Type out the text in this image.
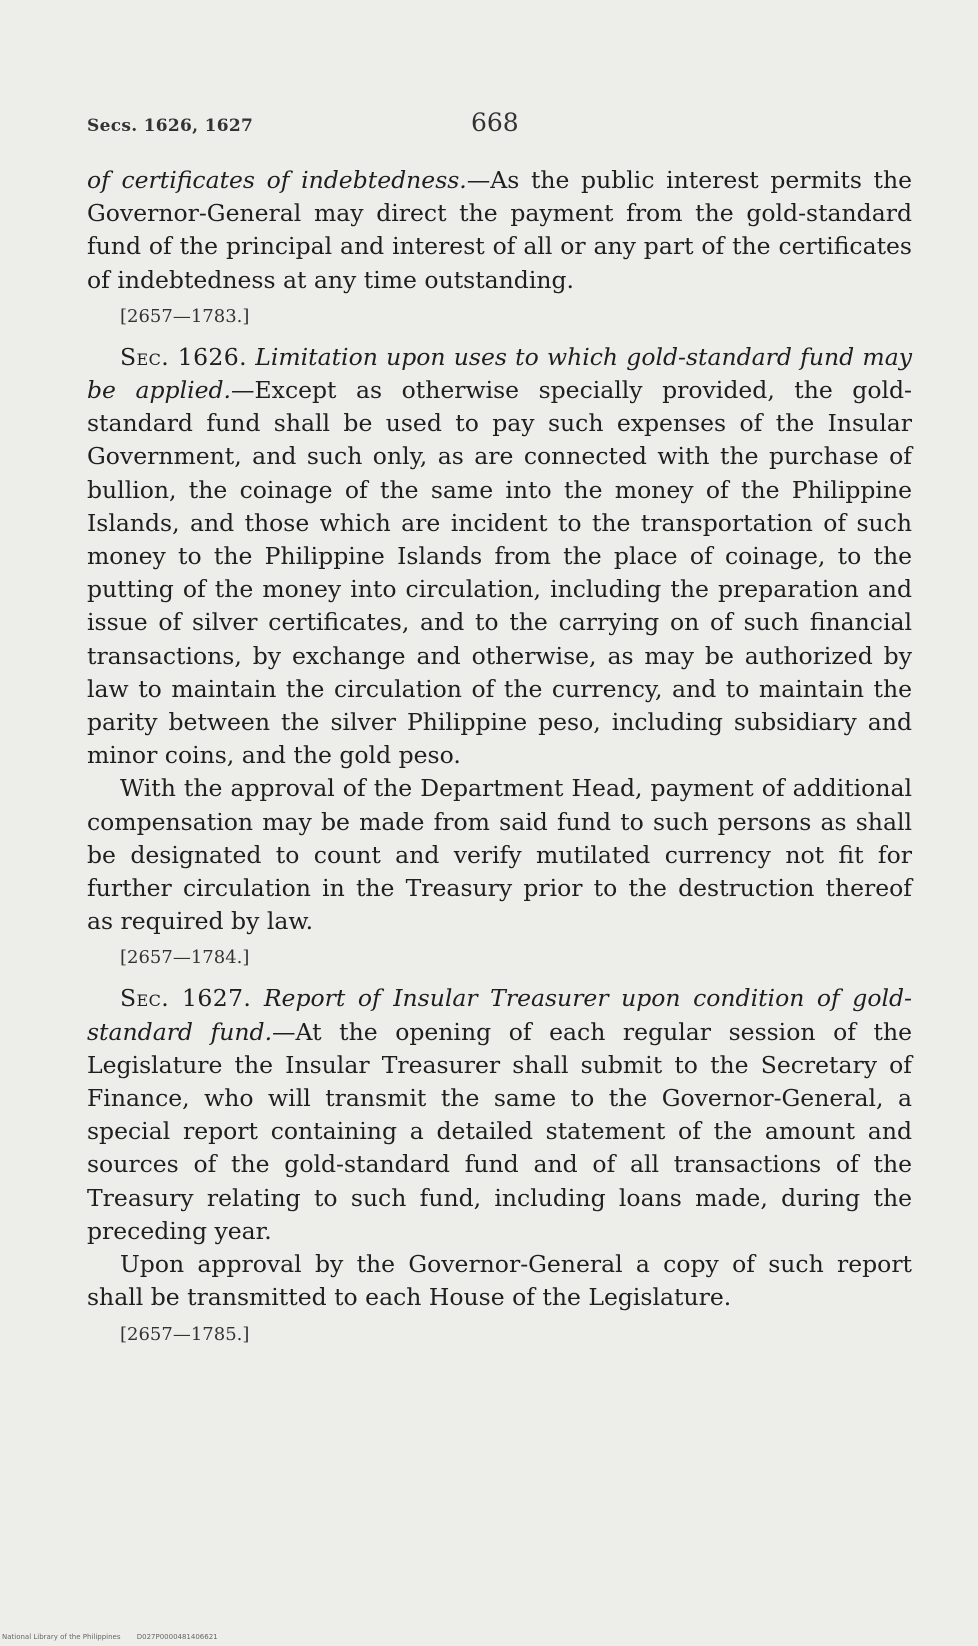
Secs. 1626, 1627	668

of certificates of indebtedness.—As the public interest permits the Governor-General may direct the payment from the gold-standard fund of the principal and interest of all or any part of the certificates of indebtedness at any time outstanding.

[2657—1783.]

Sec. 1626. Limitation upon uses to which gold-standard fund may be applied.—Except as otherwise specially provided, the gold-standard fund shall be used to pay such expenses of the Insular Government, and such only, as are connected with the purchase of bullion, the coinage of the same into the money of the Philippine Islands, and those which are incident to the transportation of such money to the Philippine Islands from the place of coinage, to the putting of the money into circulation, including the preparation and issue of silver certificates, and to the carrying on of such financial transactions, by exchange and otherwise, as may be authorized by law to maintain the circulation of the currency, and to maintain the parity between the silver Philippine peso, including subsidiary and minor coins, and the gold peso.

With the approval of the Department Head, payment of additional compensation may be made from said fund to such persons as shall be designated to count and verify mutilated currency not fit for further circulation in the Treasury prior to the destruction thereof as required by law.

[2657—1784.]

Sec. 1627. Report of Insular Treasurer upon condition of gold-standard fund.—At the opening of each regular session of the Legislature the Insular Treasurer shall submit to the Secretary of Finance, who will transmit the same to the Governor-General, a special report containing a detailed statement of the amount and sources of the gold-standard fund and of all transactions of the Treasury relating to such fund, including loans made, during the preceding year.

Upon approval by the Governor-General a copy of such report shall be transmitted to each House of the Legislature.

[2657—1785.]

National Library of the Philippines D027P0000481406621
